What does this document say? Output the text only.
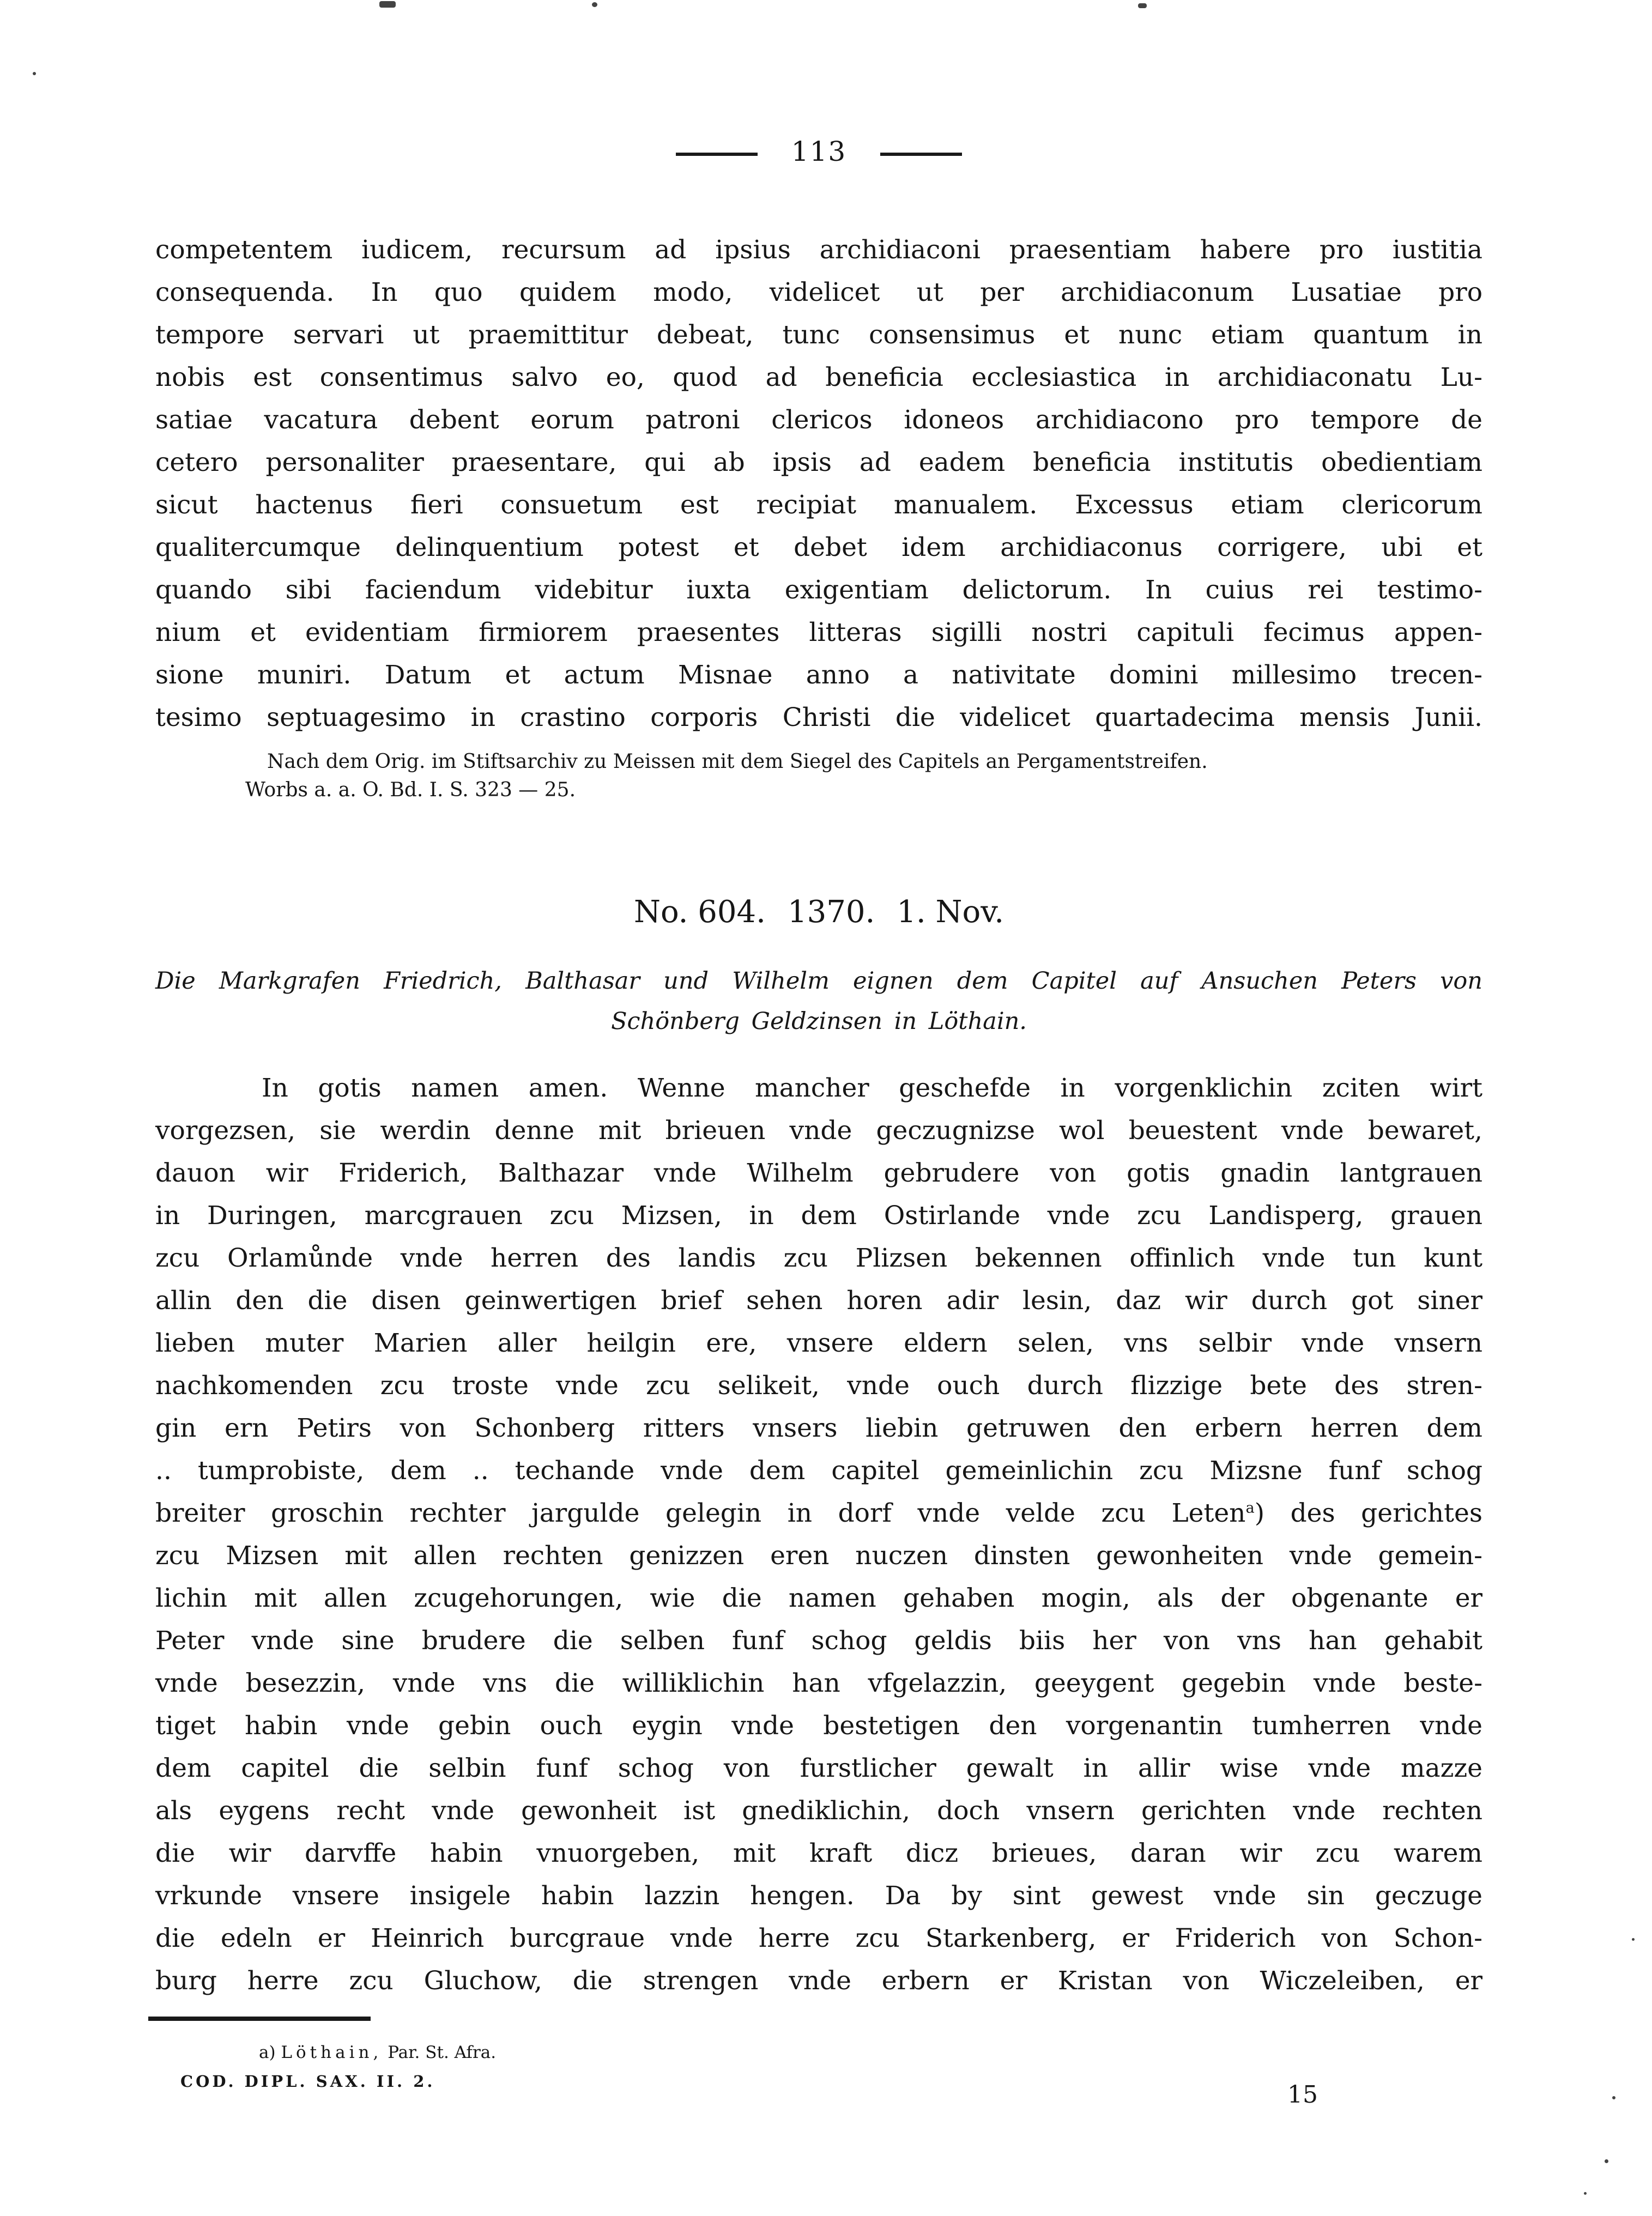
113
competentem iudicem, recursum ad ipsius archidiaconi praesentiam habere pro iustitia
consequenda. In quo quidem modo, videlicet ut per archidiaconum Lusatiae pro
tempore servari ut praemittitur debeat, tunc consensimus et nunc etiam quantum in
nobis est consentimus salvo eo, quod ad beneficia ecclesiastica in archidiaconatu Lu-
satiae vacatura debent eorum patroni clericos idoneos archidiacono pro tempore de
cetero personaliter praesentare, qui ab ipsis ad eadem beneficia institutis obedientiam
sicut hactenus fieri consuetum est recipiat manualem. Excessus etiam clericorum
qualitercumque delinquentium potest et debet idem archidiaconus corrigere, ubi et
quando sibi faciendum videbitur iuxta exigentiam delictorum. In cuius rei testimo-
nium et evidentiam firmiorem praesentes litteras sigilli nostri capituli fecimus appen-
sione muniri. Datum et actum Misnae anno a nativitate domini millesimo trecen-
tesimo septuagesimo in crastino corporis Christi die videlicet quartadecima mensis Junii.
Nach dem Orig. im Stiftsarchiv zu Meissen mit dem Siegel des Capitels an Pergamentstreifen.
Worbs a. a. O. Bd. I. S. 323 — 25.
No. 604. 1370. 1. Nov.
Die Markgrafen Friedrich, Balthasar und Wilhelm eignen dem Capitel auf Ansuchen Peters von
Schönberg Geldzinsen in Löthain.
In gotis namen amen. Wenne mancher geschefde in vorgenklichin zciten wirt
vorgezsen, sie werdin denne mit brieuen vnde geczugnizse wol beuestent vnde bewaret,
dauon wir Friderich, Balthazar vnde Wilhelm gebrudere von gotis gnadin lantgrauen
in Duringen, marcgrauen zcu Mizsen, in dem Ostirlande vnde zcu Landisperg, grauen
zcu Orlamůnde vnde herren des landis zcu Plizsen bekennen offinlich vnde tun kunt
allin den die disen geinwertigen brief sehen horen adir lesin, daz wir durch got siner
lieben muter Marien aller heilgin ere, vnsere eldern selen, vns selbir vnde vnsern
nachkomenden zcu troste vnde zcu selikeit, vnde ouch durch flizzige bete des stren-
gin ern Petirs von Schonberg ritters vnsers liebin getruwen den erbern herren dem
.. tumprobiste, dem .. techande vnde dem capitel gemeinlichin zcu Mizsne funf schog
breiter groschin rechter jargulde gelegin in dorf vnde velde zcu Leten$^a$) des gerichtes
zcu Mizsen mit allen rechten genizzen eren nuczen dinsten gewonheiten vnde gemein-
lichin mit allen zcugehorungen, wie die namen gehaben mogin, als der obgenante er
Peter vnde sine brudere die selben funf schog geldis biis her von vns han gehabit
vnde besezzin, vnde vns die williklichin han vfgelazzin, geeygent gegebin vnde beste-
tiget habin vnde gebin ouch eygin vnde bestetigen den vorgenantin tumherren vnde
dem capitel die selbin funf schog von furstlicher gewalt in allir wise vnde mazze
als eygens recht vnde gewonheit ist gnediklichin, doch vnsern gerichten vnde rechten
die wir darvffe habin vnuorgeben, mit kraft dicz brieues, daran wir zcu warem
vrkunde vnsere insigele habin lazzin hengen. Da by sint gewest vnde sin geczuge
die edeln er Heinrich burcgraue vnde herre zcu Starkenberg, er Friderich von Schon-
burg herre zcu Gluchow, die strengen vnde erbern er Kristan von Wiczeleiben, er
a) Löthain, Par. St. Afra.
COD. DIPL. SAX. II. 2.	15
